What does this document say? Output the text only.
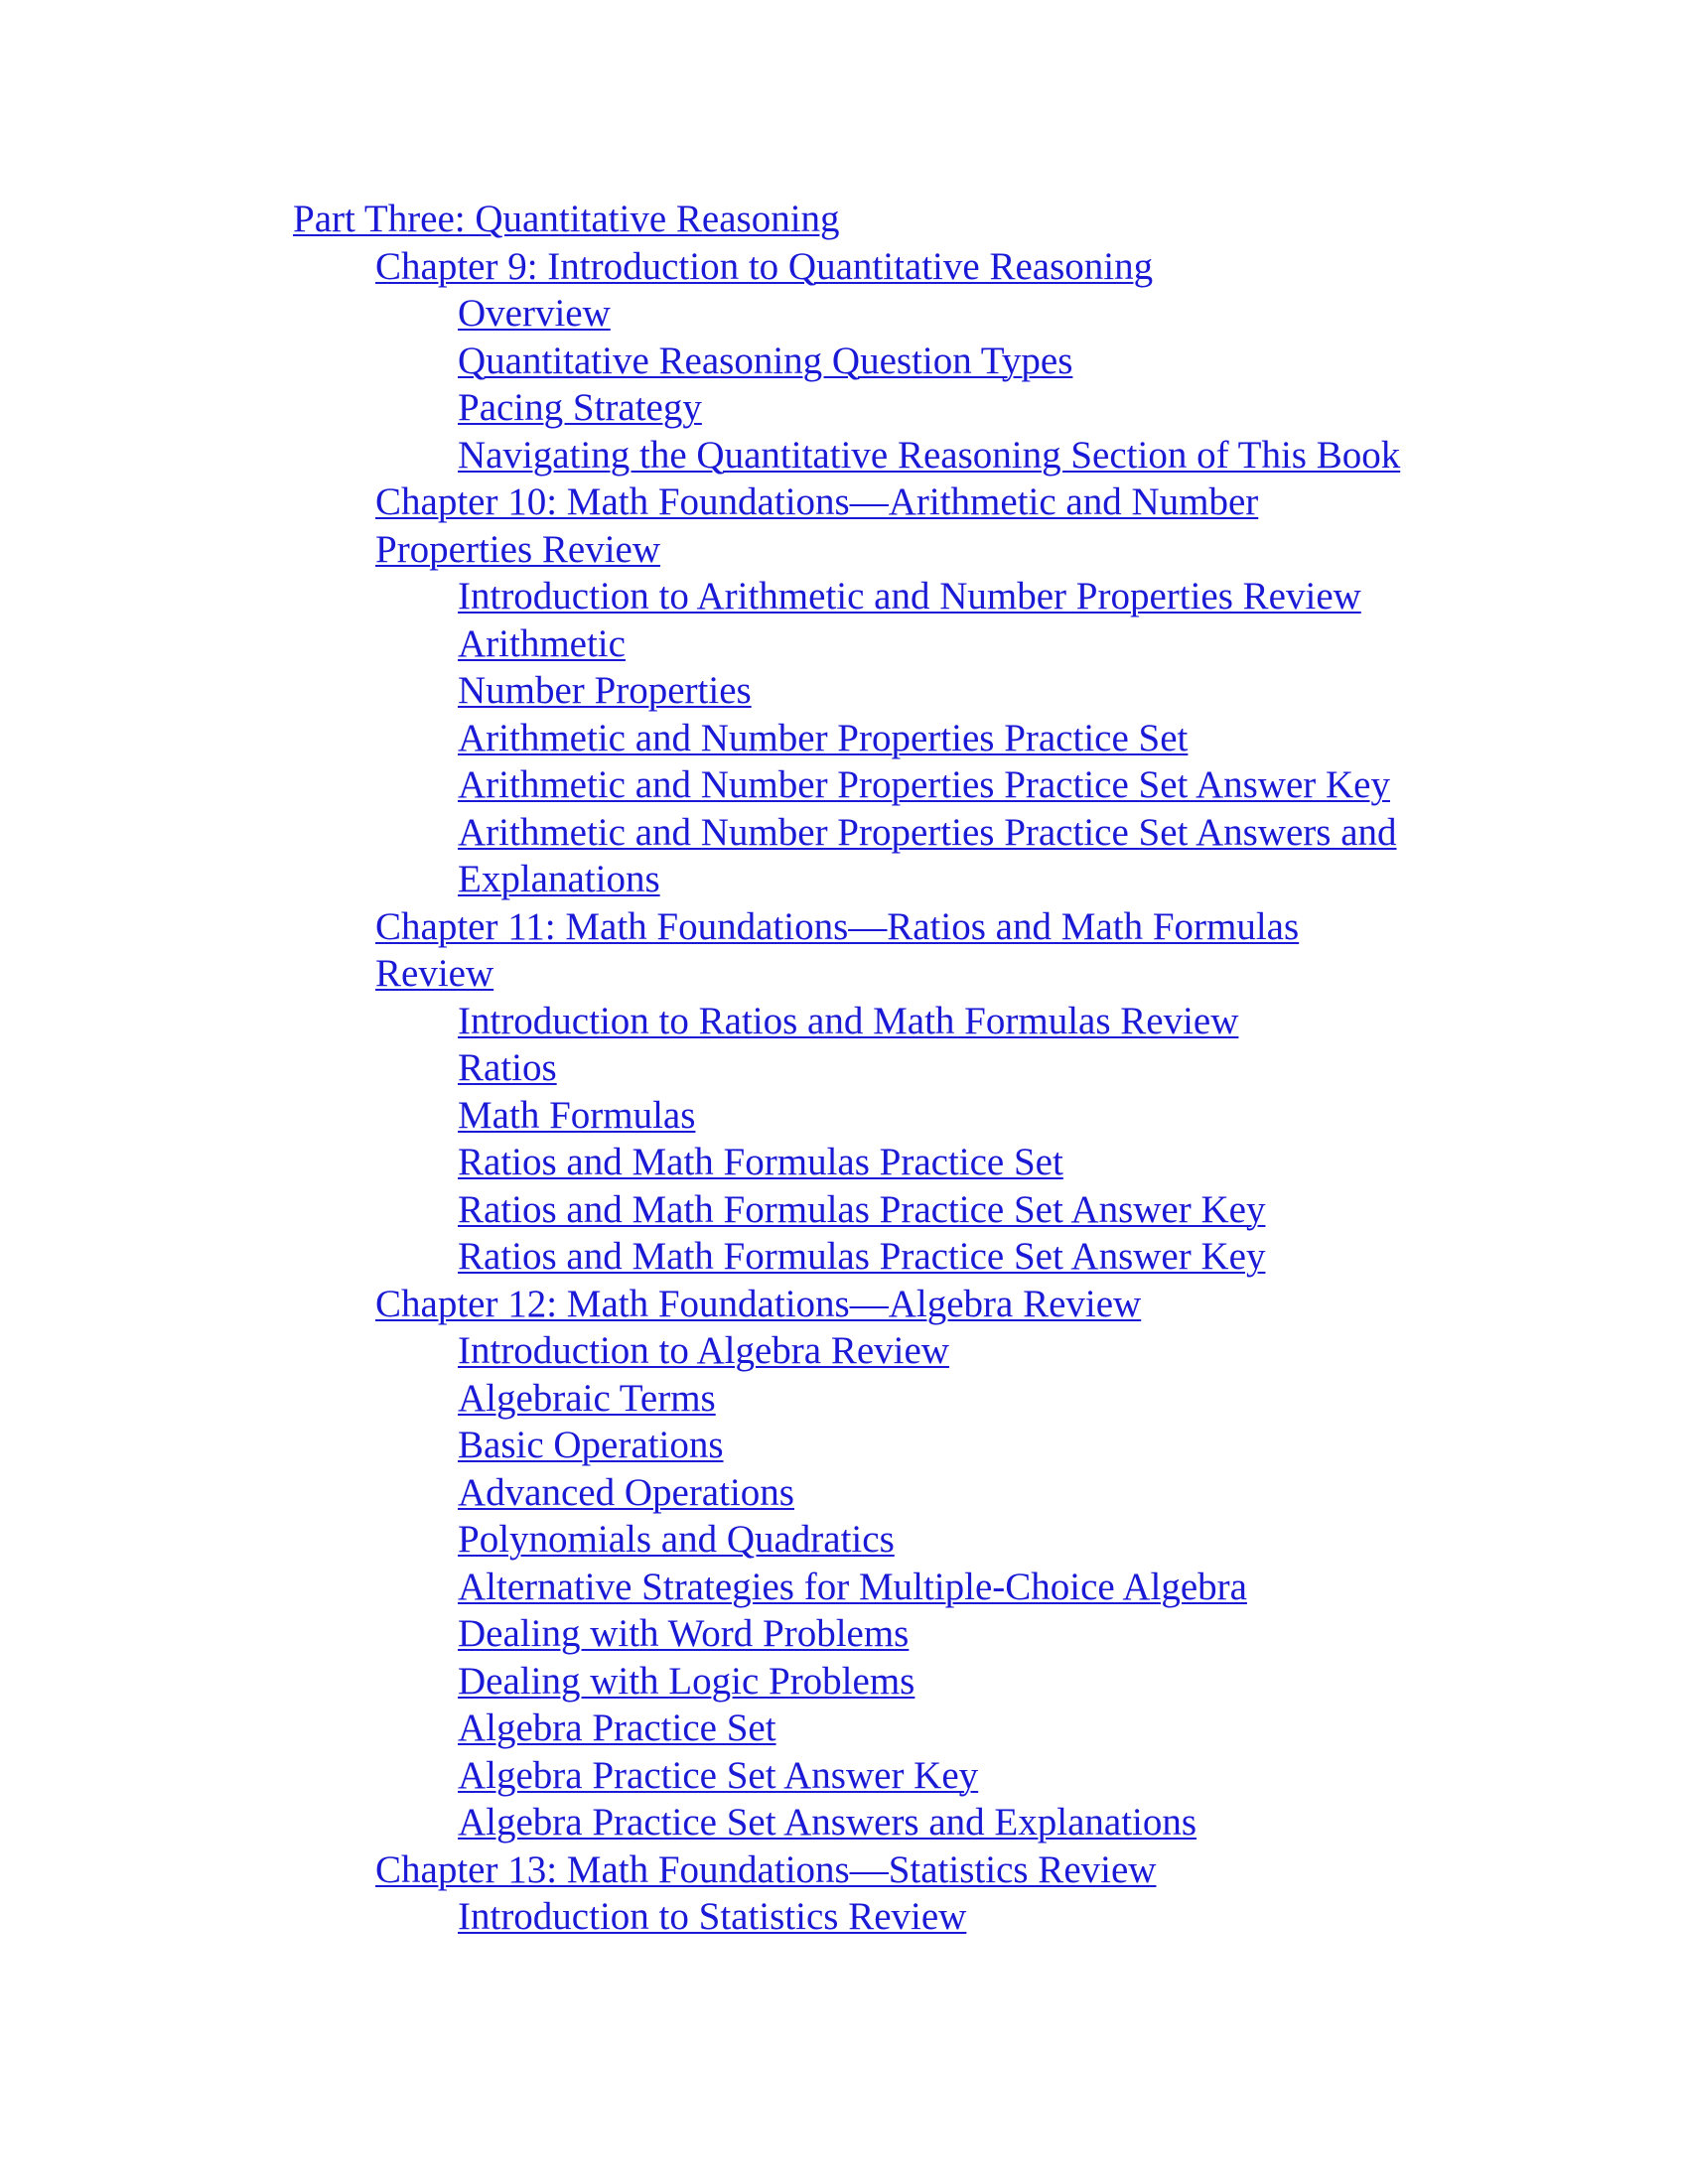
Part Three: Quantitative Reasoning
Chapter 9: Introduction to Quantitative Reasoning
Overview
Quantitative Reasoning Question Types
Pacing Strategy
Navigating the Quantitative Reasoning Section of This Book
Chapter 10: Math Foundations—Arithmetic and Number
Properties Review
Introduction to Arithmetic and Number Properties Review
Arithmetic
Number Properties
Arithmetic and Number Properties Practice Set
Arithmetic and Number Properties Practice Set Answer Key
Arithmetic and Number Properties Practice Set Answers and
Explanations
Chapter 11: Math Foundations—Ratios and Math Formulas
Review
Introduction to Ratios and Math Formulas Review
Ratios
Math Formulas
Ratios and Math Formulas Practice Set
Ratios and Math Formulas Practice Set Answer Key
Ratios and Math Formulas Practice Set Answer Key
Chapter 12: Math Foundations—Algebra Review
Introduction to Algebra Review
Algebraic Terms
Basic Operations
Advanced Operations
Polynomials and Quadratics
Alternative Strategies for Multiple-Choice Algebra
Dealing with Word Problems
Dealing with Logic Problems
Algebra Practice Set
Algebra Practice Set Answer Key
Algebra Practice Set Answers and Explanations
Chapter 13: Math Foundations—Statistics Review
Introduction to Statistics Review
